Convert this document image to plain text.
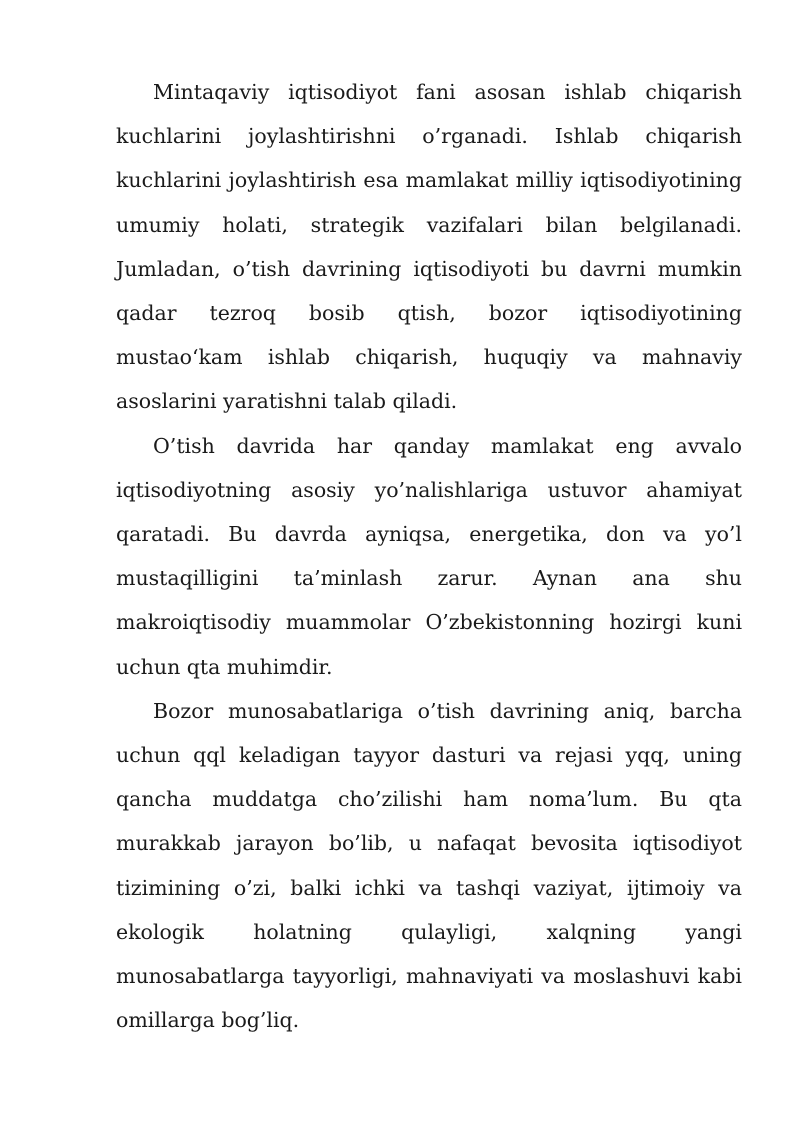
Mintaqaviy iqtisodiyot fani asosan ishlab chiqarish kuchlarini joylashtirishni o’rganadi. Ishlab chiqarish kuchlarini joylashtirish esa mamlakat milliy iqtisodiyotining umumiy holati, strategik vazifalari bilan belgilanadi. Jumladan, o’tish davrining iqtisodiyoti bu davrni mumkin qadar tezroq bosib qtish, bozor iqtisodiyotining mustaoʻkam ishlab chiqarish, huquqiy va mahnaviy asoslarini yaratishni talab qiladi.

O’tish davrida har qanday mamlakat eng avvalo iqtisodiyotning asosiy yo’nalishlariga ustuvor ahamiyat qaratadi. Bu davrda ayniqsa, energetika, don va yo’l mustaqilligini ta’minlash zarur. Aynan ana shu makroiqtisodiy muammolar O’zbekistonning hozirgi kuni uchun qta muhimdir.

Bozor munosabatlariga o’tish davrining aniq, barcha uchun qql keladigan tayyor dasturi va rejasi yqq, uning qancha muddatga cho’zilishi ham noma’lum. Bu qta murakkab jarayon bo’lib, u nafaqat bevosita iqtisodiyot tizimining o’zi, balki ichki va tashqi vaziyat, ijtimoiy va ekologik holatning qulayligi, xalqning yangi munosabatlarga tayyorligi, mahnaviyati va moslashuvi kabi omillarga bog’liq.
